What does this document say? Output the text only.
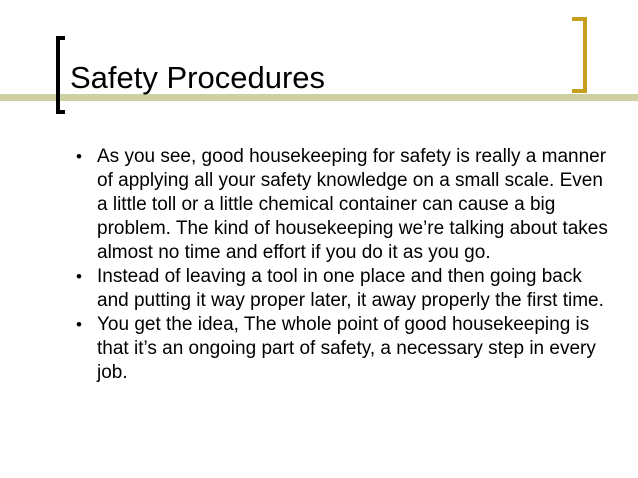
Safety Procedures
• As you see, good housekeeping for safety is really a manner of applying all your safety knowledge on a small scale. Even a little toll or a little chemical container can cause a big problem. The kind of housekeeping we’re talking about takes almost no time and effort if you do it as you go.
• Instead of leaving a tool in one place and then going back and putting it way proper later, it away properly the first time.
• You get the idea, The whole point of good housekeeping is that it’s an ongoing part of safety, a necessary step in every job.
